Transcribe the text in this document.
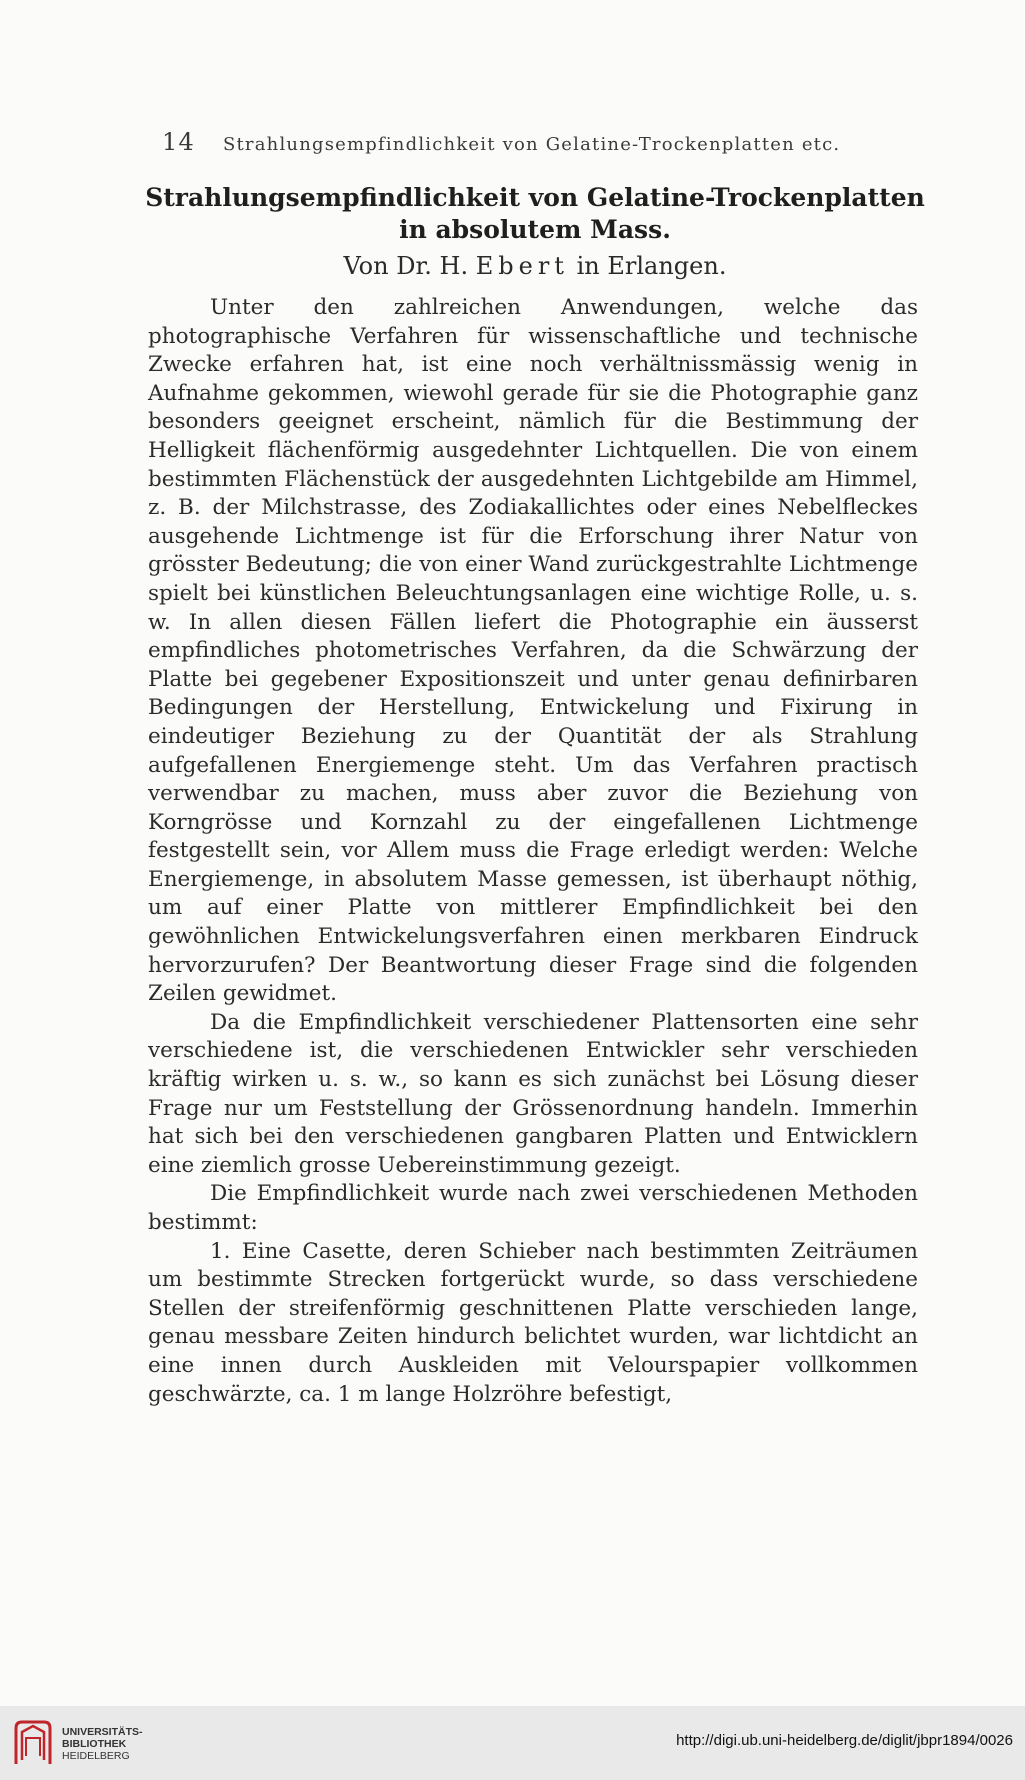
14 Strahlungsempfindlichkeit von Gelatine-Trockenplatten etc.
Strahlungsempfindlichkeit von Gelatine-Trockenplatten
in absolutem Mass.
Von Dr. H. Ebert in Erlangen.

Unter den zahlreichen Anwendungen, welche das photographische Verfahren für wissenschaftliche und technische Zwecke erfahren hat, ist eine noch verhältnissmässig wenig in Aufnahme gekommen, wiewohl gerade für sie die Photographie ganz besonders geeignet erscheint, nämlich für die Bestimmung der Helligkeit flächenförmig ausgedehnter Lichtquellen. Die von einem bestimmten Flächenstück der ausgedehnten Lichtgebilde am Himmel, z. B. der Milchstrasse, des Zodiakallichtes oder eines Nebelfleckes ausgehende Lichtmenge ist für die Erforschung ihrer Natur von grösster Bedeutung; die von einer Wand zurückgestrahlte Lichtmenge spielt bei künstlichen Beleuchtungsanlagen eine wichtige Rolle, u. s. w. In allen diesen Fällen liefert die Photographie ein äusserst empfindliches photometrisches Verfahren, da die Schwärzung der Platte bei gegebener Expositionszeit und unter genau definirbaren Bedingungen der Herstellung, Entwickelung und Fixirung in eindeutiger Beziehung zu der Quantität der als Strahlung aufgefallenen Energiemenge steht. Um das Verfahren practisch verwendbar zu machen, muss aber zuvor die Beziehung von Korngrösse und Kornzahl zu der eingefallenen Lichtmenge festgestellt sein, vor Allem muss die Frage erledigt werden: Welche Energiemenge, in absolutem Masse gemessen, ist überhaupt nöthig, um auf einer Platte von mittlerer Empfindlichkeit bei den gewöhnlichen Entwickelungsverfahren einen merkbaren Eindruck hervorzurufen? Der Beantwortung dieser Frage sind die folgenden Zeilen gewidmet.

Da die Empfindlichkeit verschiedener Plattensorten eine sehr verschiedene ist, die verschiedenen Entwickler sehr verschieden kräftig wirken u. s. w., so kann es sich zunächst bei Lösung dieser Frage nur um Feststellung der Grössenordnung handeln. Immerhin hat sich bei den verschiedenen gangbaren Platten und Entwicklern eine ziemlich grosse Uebereinstimmung gezeigt.

Die Empfindlichkeit wurde nach zwei verschiedenen Methoden bestimmt:

1. Eine Casette, deren Schieber nach bestimmten Zeiträumen um bestimmte Strecken fortgerückt wurde, so dass verschiedene Stellen der streifenförmig geschnittenen Platte verschieden lange, genau messbare Zeiten hindurch belichtet wurden, war lichtdicht an eine innen durch Auskleiden mit Velourspapier vollkommen geschwärzte, ca. 1 m lange Holzröhre befestigt,

UNIVERSITÄTS-
BIBLIOTHEK
HEIDELBERG
http://digi.ub.uni-heidelberg.de/diglit/jbpr1894/0026
